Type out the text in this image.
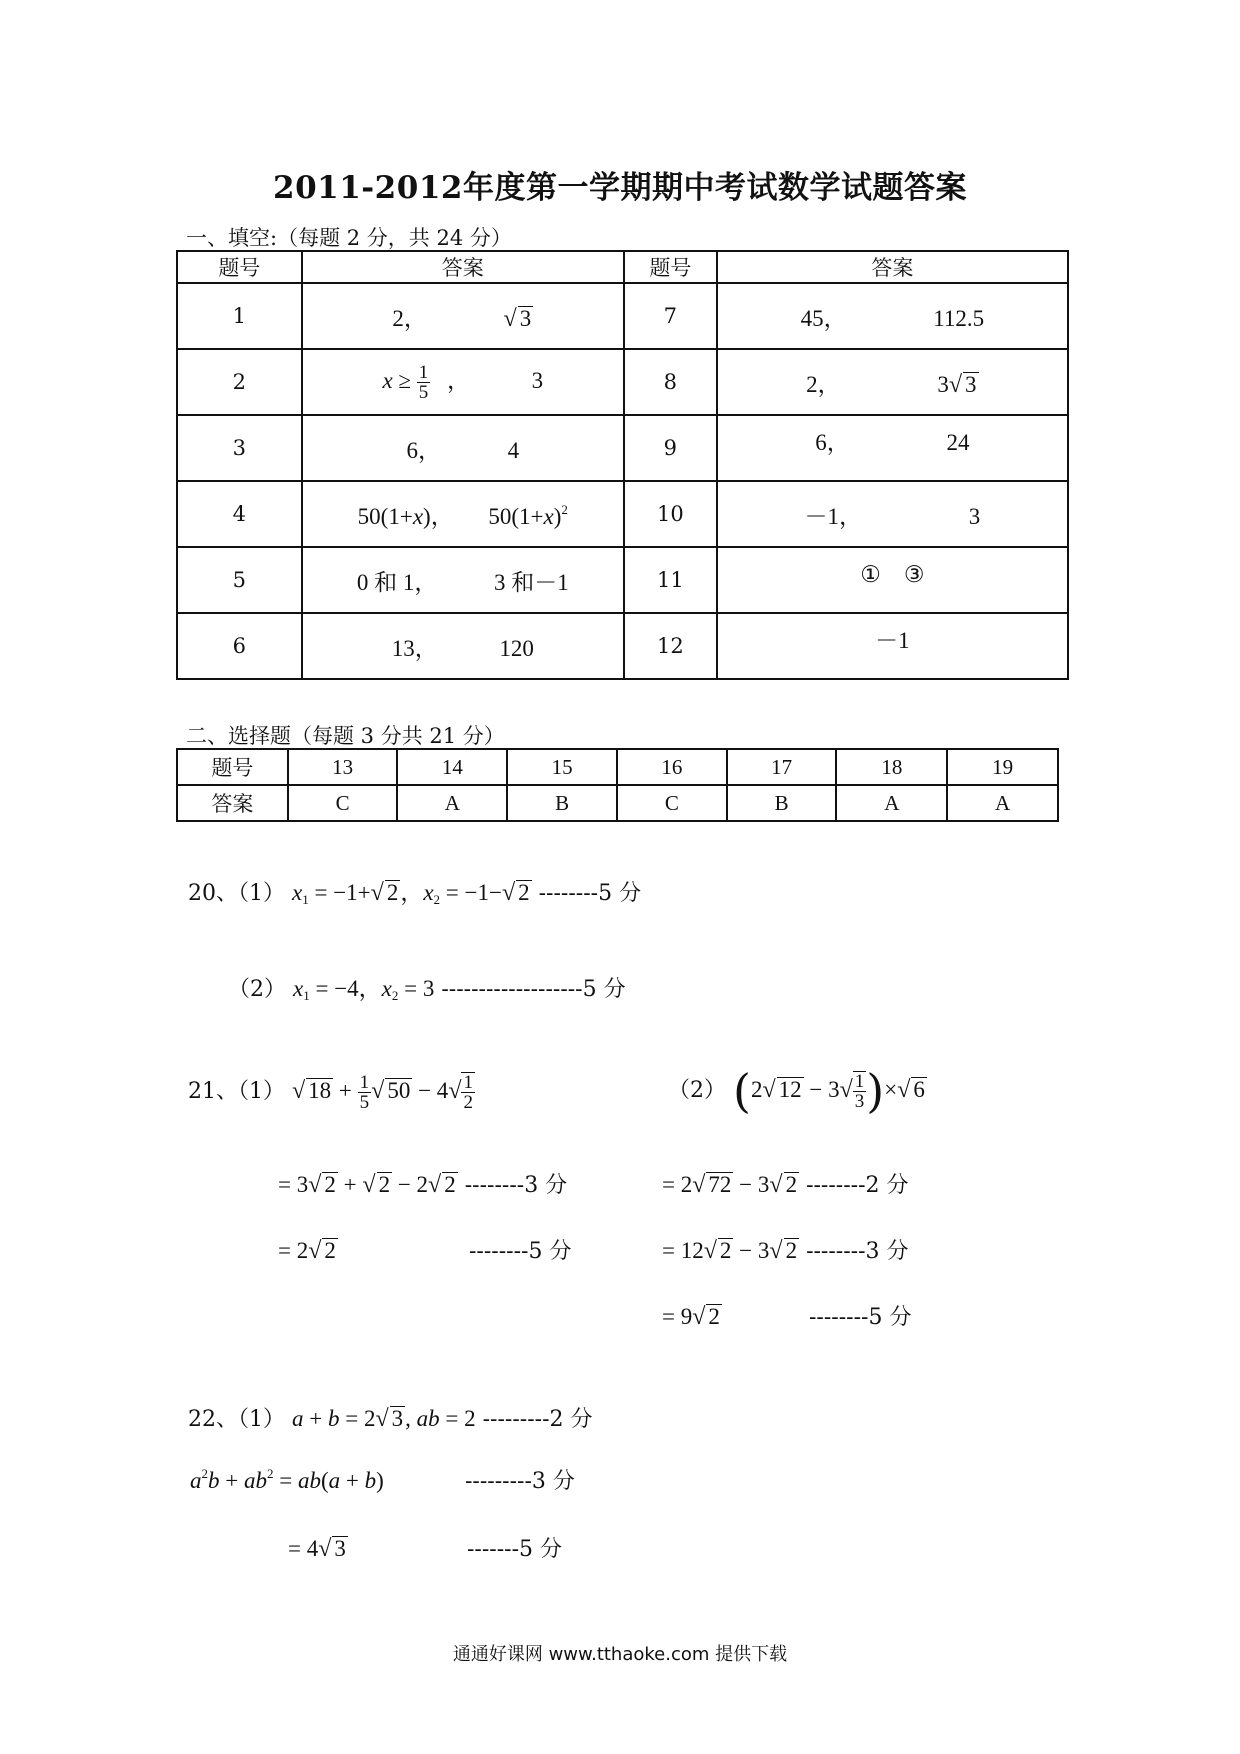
2011-2012年度第一学期期中考试数学试题答案
一、填空:（每题 2 分，共 24 分）
题号	答案	题号	答案
1	2， √ 3	7	45， 112.5
2	$x \ge \frac{1}{5}$ ， 3	8	2， 3√ 3
3	6， 4	9	6， 24
4	50(1+x)， $50(1+x)^2$	10	－1， 3
5	0 和 1， 3 和－1	11	①　③
6	13， 120	12	－1
二、选择题（每题 3 分共 21 分）
题号	13	14	15	16	17	18	19
答案	C	A	B	C	B	A	A
20、（1） $x_1 = -1+√$ 2，$x_2 = -1-√$ 2 --------5 分
（2） $x_1 = -4$，$x_2 = 3$ -------------------5 分
21、（1） √ $18 + \frac{1}{5}$ √ $50 - 4√ \frac{1}{2}$
= 3√ 2 + √ 2 − 2√ 2 --------3 分
= 2√ 2	--------5 分
（2） (2√ $12 - 3√ \frac{1}{3}$ )×√ 6
= 2√ 72 − 3√ 2 --------2 分
= 12√ 2 − 3√ 2 --------3 分
= 9√ 2	--------5 分
22、（1） a + b = 2√ 3, ab = 2 ---------2 分
$a^2b + ab^2 = ab(a + b)$	---------3 分
= 4√ 3	-------5 分
通通好课网 www.tthaoke.com 提供下载
